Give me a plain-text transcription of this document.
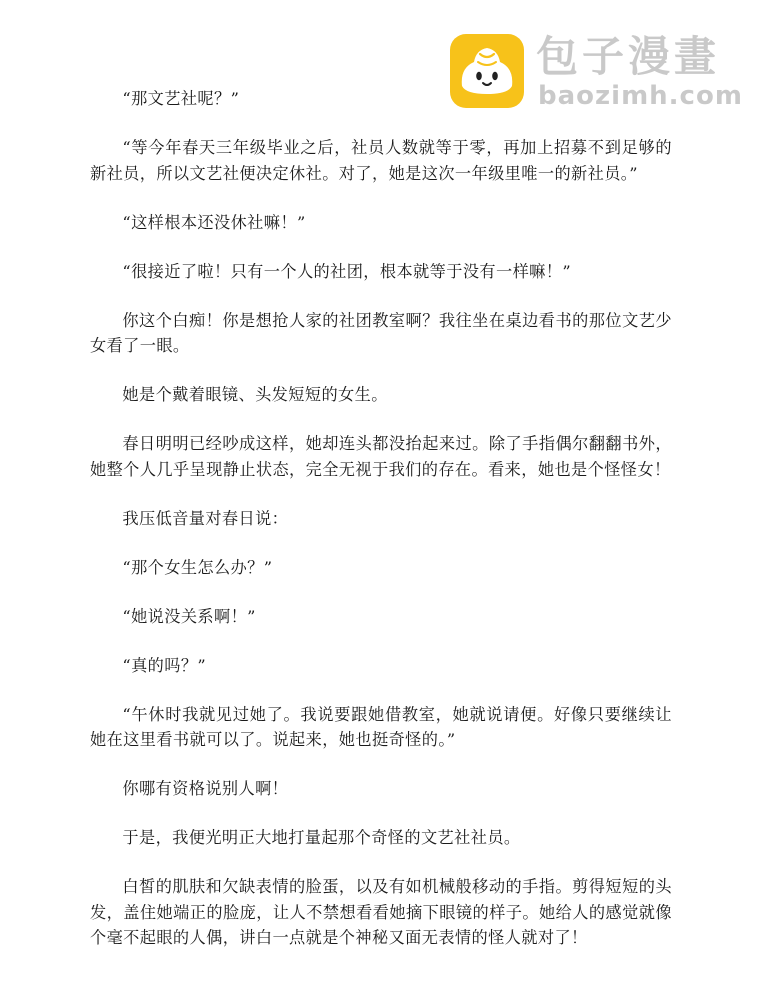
包子漫畫
baozimh.com

“那文艺社呢？”

“等今年春天三年级毕业之后，社员人数就等于零，再加上招募不到足够的新社员，所以文艺社便决定休社。对了，她是这次一年级里唯一的新社员。”

“这样根本还没休社嘛！”

“很接近了啦！只有一个人的社团，根本就等于没有一样嘛！”

你这个白痴！你是想抢人家的社团教室啊？我往坐在桌边看书的那位文艺少女看了一眼。

她是个戴着眼镜、头发短短的女生。

春日明明已经吵成这样，她却连头都没抬起来过。除了手指偶尔翻翻书外，她整个人几乎呈现静止状态，完全无视于我们的存在。看来，她也是个怪怪女！

我压低音量对春日说：

“那个女生怎么办？”

“她说没关系啊！”

“真的吗？”

“午休时我就见过她了。我说要跟她借教室，她就说请便。好像只要继续让她在这里看书就可以了。说起来，她也挺奇怪的。”

你哪有资格说别人啊！

于是，我便光明正大地打量起那个奇怪的文艺社社员。

白皙的肌肤和欠缺表情的脸蛋，以及有如机械般移动的手指。剪得短短的头发，盖住她端正的脸庞，让人不禁想看看她摘下眼镜的样子。她给人的感觉就像个毫不起眼的人偶，讲白一点就是个神秘又面无表情的怪人就对了！
